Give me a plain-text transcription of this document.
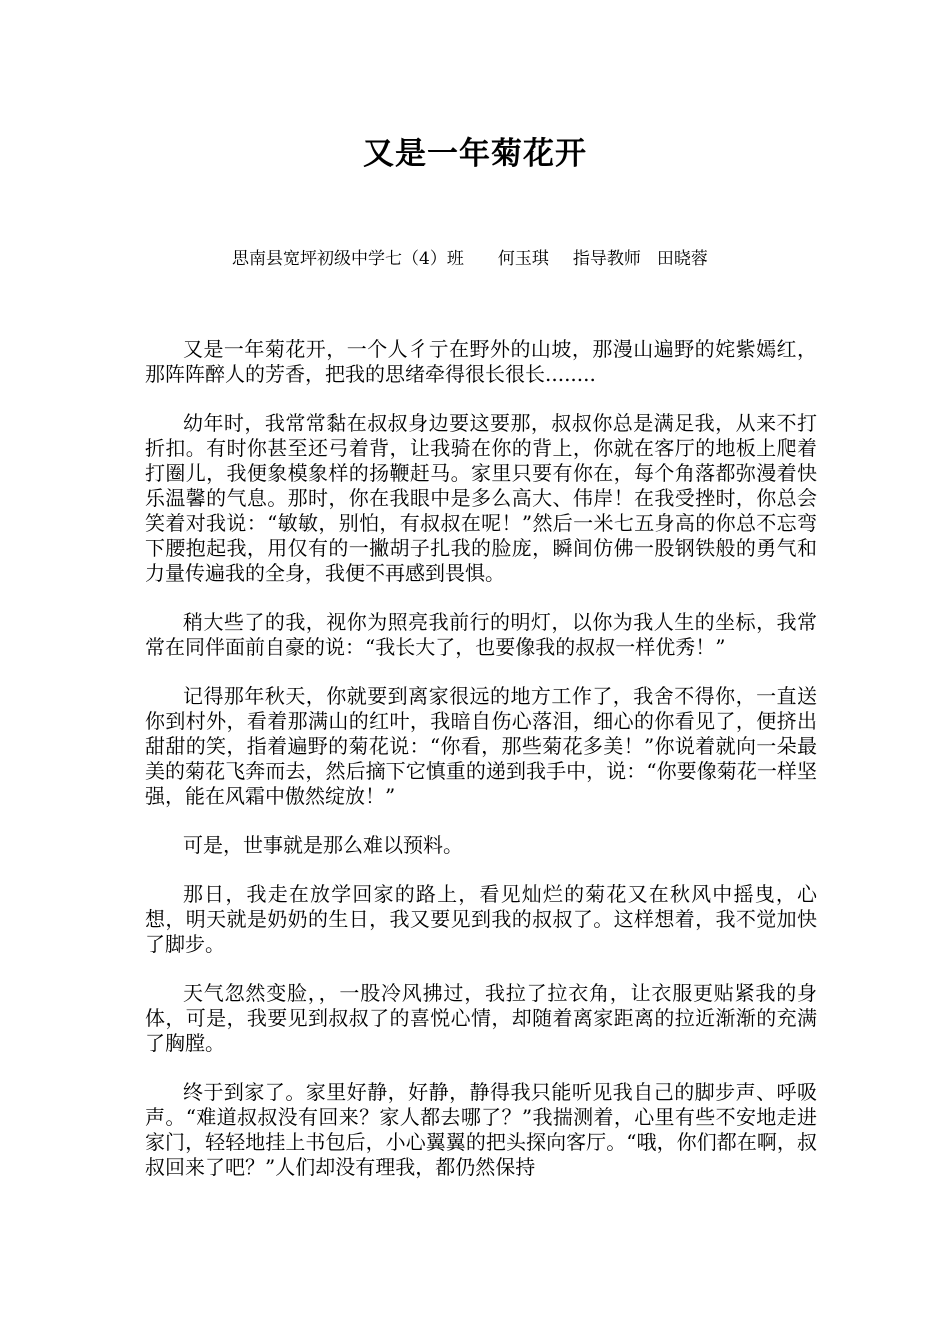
又是一年菊花开
思南县宽坪初级中学七（4）班 何玉琪 指导教师 田晓蓉

又是一年菊花开，一个人彳亍在野外的山坡，那漫山遍野的姹紫嫣红，那阵阵醉人的芳香，把我的思绪牵得很长很长........

幼年时，我常常黏在叔叔身边要这要那，叔叔你总是满足我，从来不打折扣。有时你甚至还弓着背，让我骑在你的背上，你就在客厅的地板上爬着打圈儿，我便象模象样的扬鞭赶马。家里只要有你在，每个角落都弥漫着快乐温馨的气息。那时，你在我眼中是多么高大、伟岸！在我受挫时，你总会笑着对我说：“敏敏，别怕，有叔叔在呢！”然后一米七五身高的你总不忘弯下腰抱起我，用仅有的一撇胡子扎我的脸庞，瞬间仿佛一股钢铁般的勇气和力量传遍我的全身，我便不再感到畏惧。

稍大些了的我，视你为照亮我前行的明灯，以你为我人生的坐标，我常常在同伴面前自豪的说：“我长大了，也要像我的叔叔一样优秀！”

记得那年秋天，你就要到离家很远的地方工作了，我舍不得你，一直送你到村外，看着那满山的红叶，我暗自伤心落泪，细心的你看见了，便挤出甜甜的笑，指着遍野的菊花说：“你看，那些菊花多美！”你说着就向一朵最美的菊花飞奔而去，然后摘下它慎重的递到我手中，说：“你要像菊花一样坚强，能在风霜中傲然绽放！”

可是，世事就是那么难以预料。

那日，我走在放学回家的路上，看见灿烂的菊花又在秋风中摇曳，心想，明天就是奶奶的生日，我又要见到我的叔叔了。这样想着，我不觉加快了脚步。

天气忽然变脸，，一股冷风拂过，我拉了拉衣角，让衣服更贴紧我的身体，可是，我要见到叔叔了的喜悦心情，却随着离家距离的拉近渐渐的充满了胸膛。

终于到家了。家里好静，好静，静得我只能听见我自己的脚步声、呼吸声。“难道叔叔没有回来？家人都去哪了？”我揣测着，心里有些不安地走进家门，轻轻地挂上书包后，小心翼翼的把头探向客厅。“哦，你们都在啊，叔叔回来了吧？”人们却没有理我，都仍然保持
